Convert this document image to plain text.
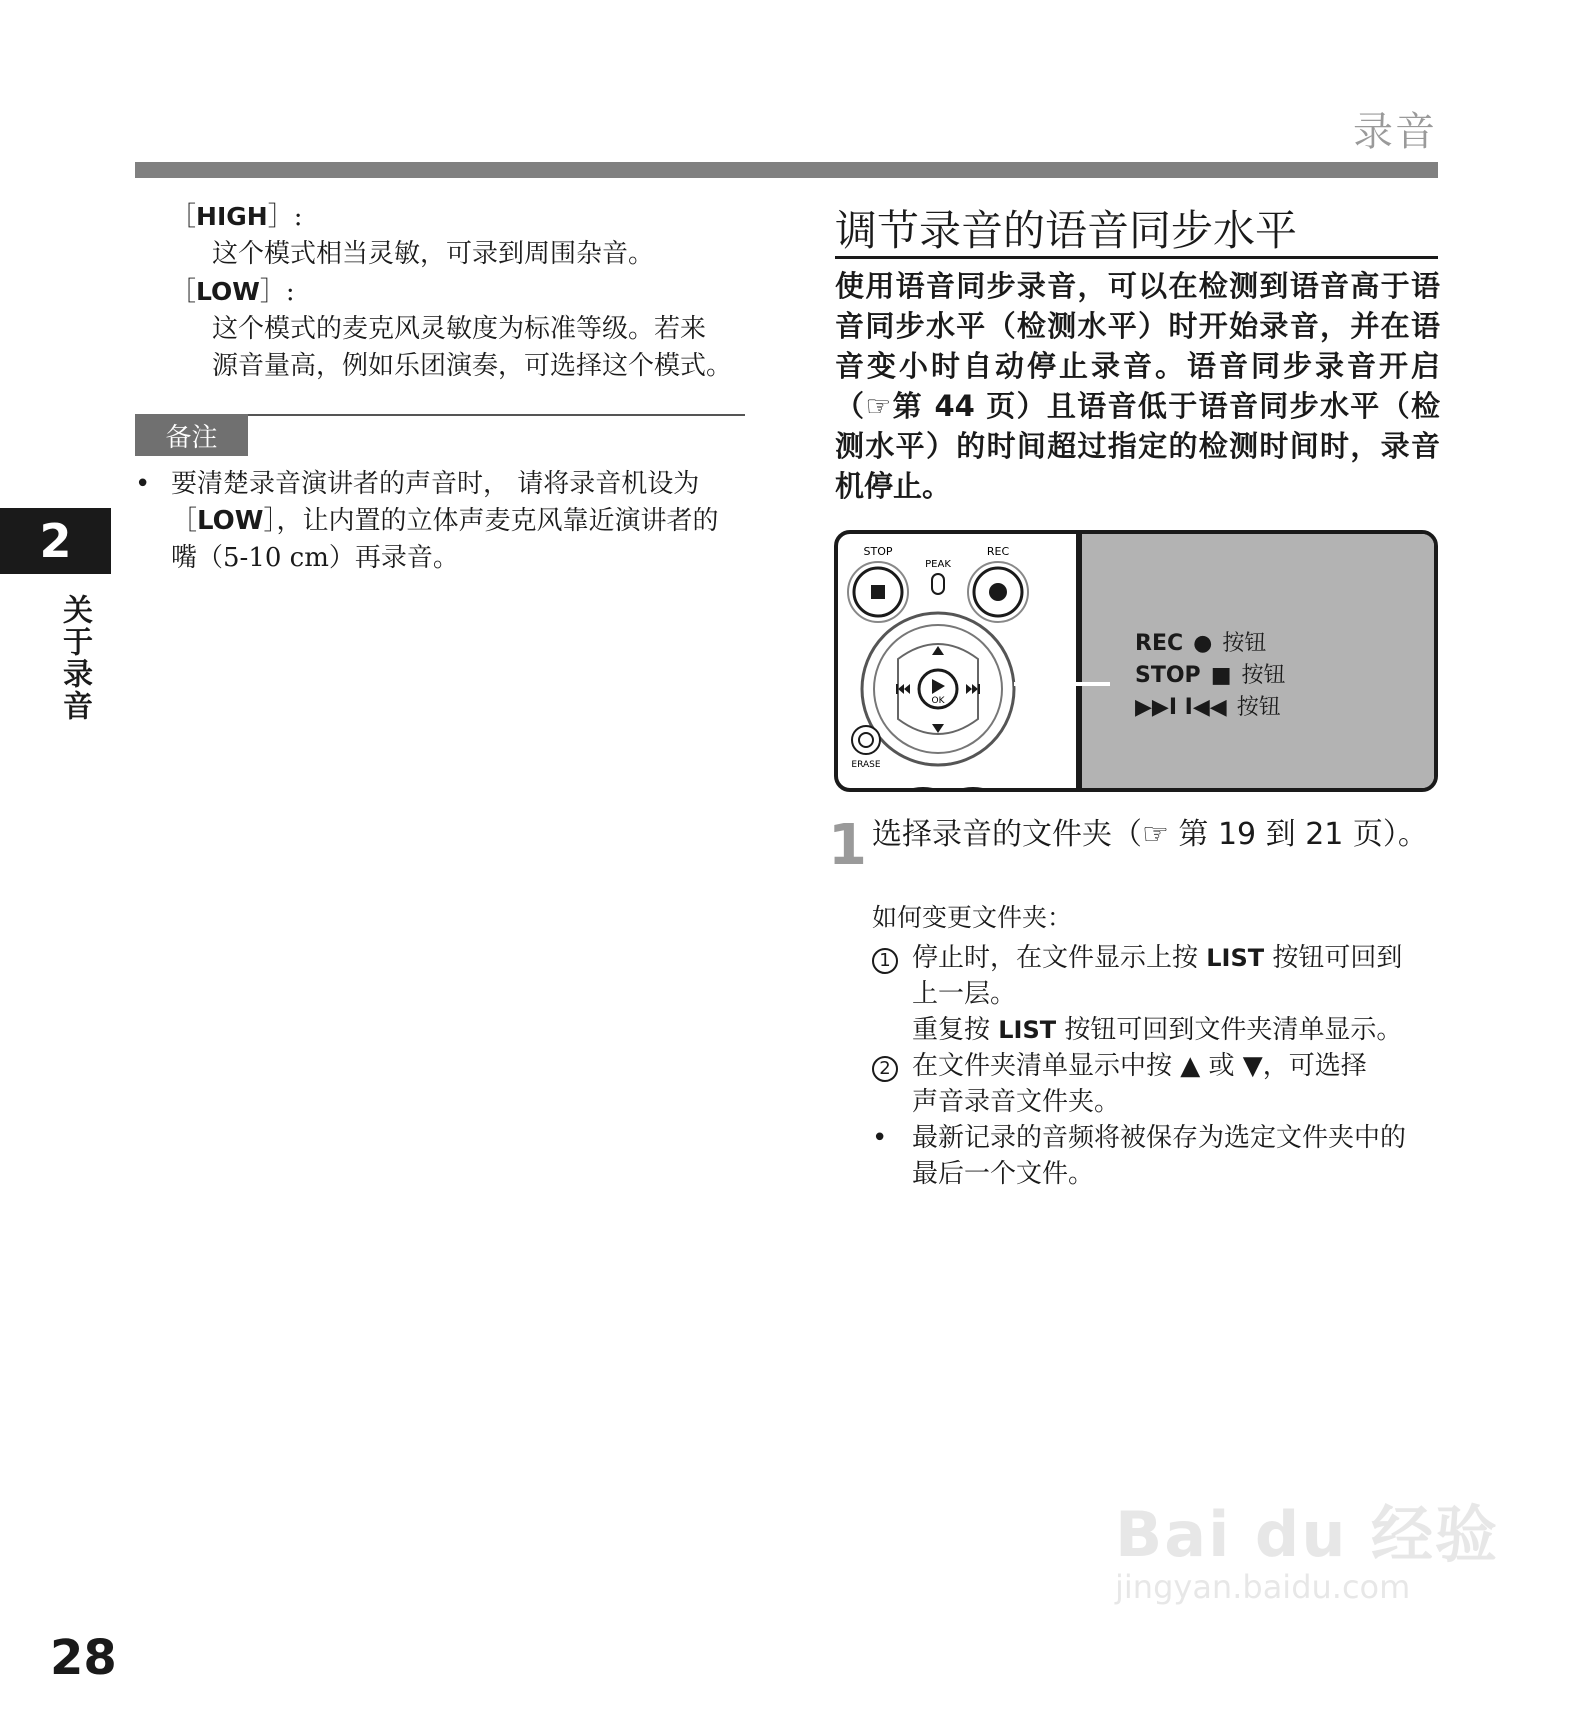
录音
2
关于录音

［HIGH］:

这个模式相当灵敏，可录到周围杂音。

［LOW］:

这个模式的麦克风灵敏度为标准等级。若来

源音量高，例如乐团演奏，可选择这个模式。

备注
• 要清楚录音演讲者的声音时， 请将录音机设为
［LOW］，让内置的立体声麦克风靠近演讲者的
嘴（5-10 cm）再录音。
调节录音的语音同步水平
使用语音同步录音，可以在检测到语音高于语音同步水平（检测水平）时开始录音，并在语音变小时自动停止录音。语音同步录音开启（☞第 44 页）且语音低于语音同步水平（检测水平）的时间超过指定的检测时间时，录音机停止。
OK
STOP	REC
PEAK
ERASE
REC ● 按钮
STOP ■ 按钮
▶▶I I◀◀ 按钮
1 选择录音的文件夹（☞ 第 19 到 21 页）。
如何变更文件夹：
1 停止时，在文件显示上按 LIST 按钮可回到
上一层。
重复按 LIST 按钮可回到文件夹清单显示。
2 在文件夹清单显示中按 ▲ 或 ▼，可选择
声音录音文件夹。
• 最新记录的音频将被保存为选定文件夹中的
最后一个文件。
28
Bai du 经验
jingyan.baidu.com
